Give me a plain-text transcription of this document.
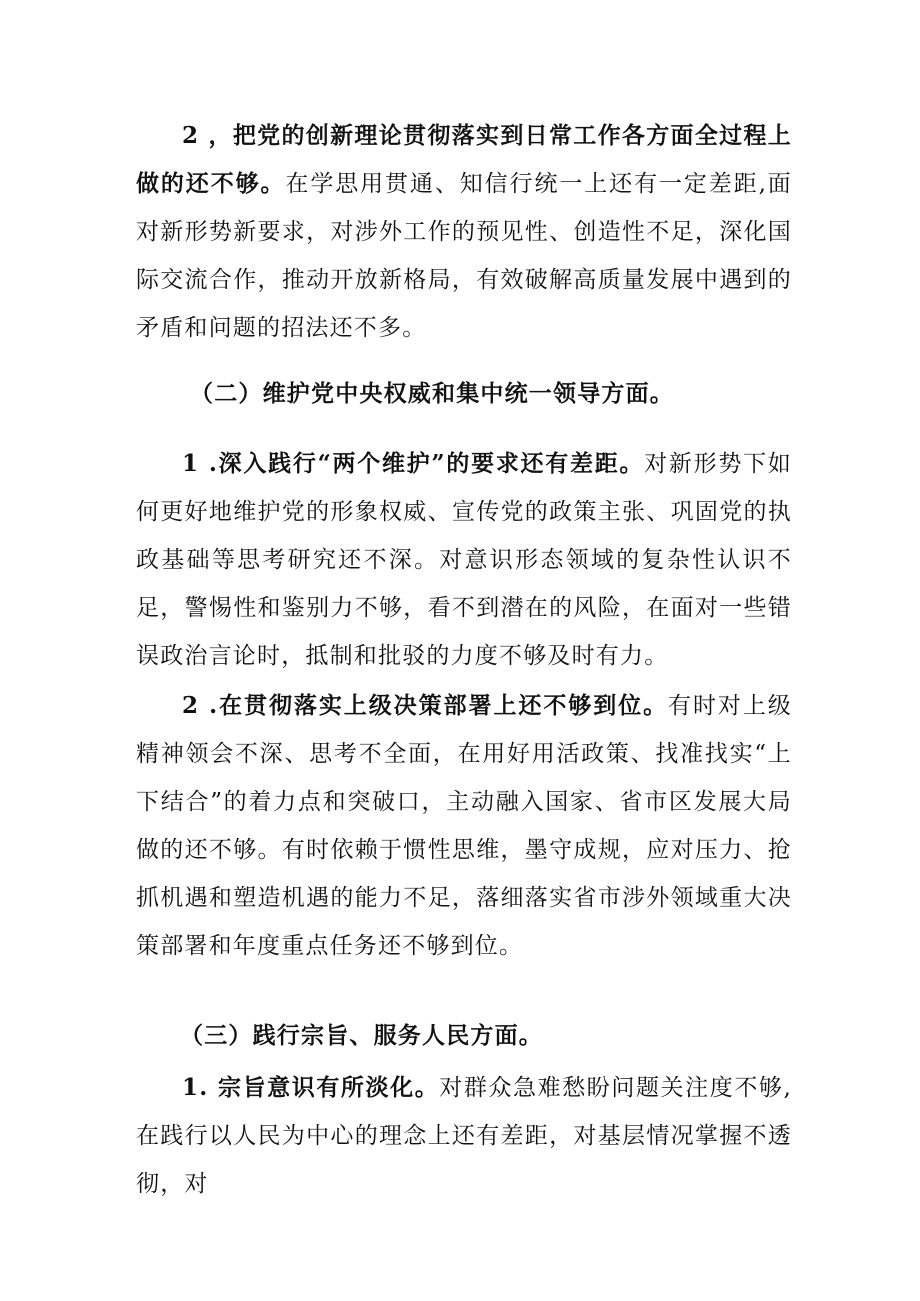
2 ，把党的创新理论贯彻落实到日常工作各方面全过程上做的还不够。在学思用贯通、知信行统一上还有一定差距,面对新形势新要求，对涉外工作的预见性、创造性不足，深化国际交流合作，推动开放新格局，有效破解高质量发展中遇到的矛盾和问题的招法还不多。

（二）维护党中央权威和集中统一领导方面。

1 .深入践行“两个维护”的要求还有差距。对新形势下如何更好地维护党的形象权威、宣传党的政策主张、巩固党的执政基础等思考研究还不深。对意识形态领域的复杂性认识不足，警惕性和鉴别力不够，看不到潜在的风险，在面对一些错误政治言论时，抵制和批驳的力度不够及时有力。

2 .在贯彻落实上级决策部署上还不够到位。有时对上级精神领会不深、思考不全面，在用好用活政策、找准找实“上下结合”的着力点和突破口，主动融入国家、省市区发展大局做的还不够。有时依赖于惯性思维，墨守成规，应对压力、抢抓机遇和塑造机遇的能力不足，落细落实省市涉外领域重大决策部署和年度重点任务还不够到位。

（三）践行宗旨、服务人民方面。

1. 宗旨意识有所淡化。对群众急难愁盼问题关注度不够,在践行以人民为中心的理念上还有差距，对基层情况掌握不透彻，对
